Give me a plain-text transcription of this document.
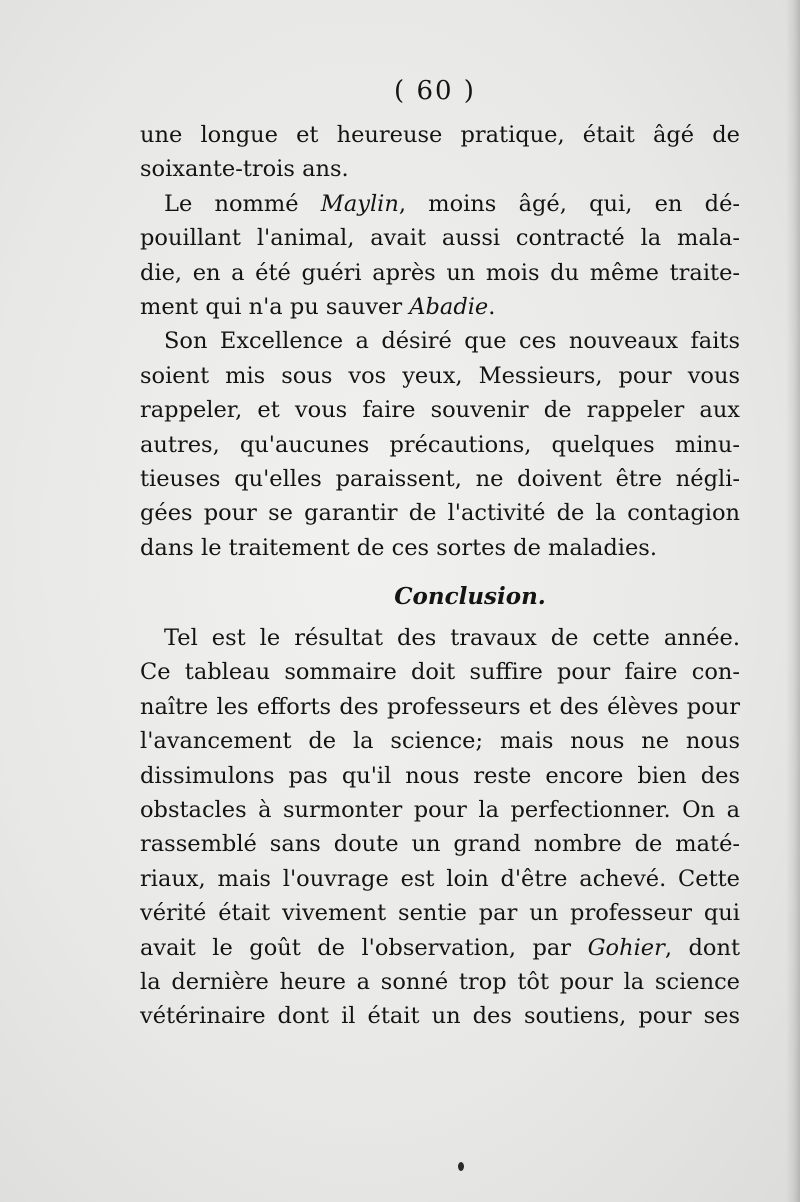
( 60 )
une longue et heureuse pratique, était âgé de
soixante-trois ans.
Le nommé Maylin, moins âgé, qui, en dé-
pouillant l'animal, avait aussi contracté la mala-
die, en a été guéri après un mois du même traite-
ment qui n'a pu sauver Abadie.
Son Excellence a désiré que ces nouveaux faits
soient mis sous vos yeux, Messieurs, pour vous
rappeler, et vous faire souvenir de rappeler aux
autres, qu'aucunes précautions, quelques minu-
tieuses qu'elles paraissent, ne doivent être négli-
gées pour se garantir de l'activité de la contagion
dans le traitement de ces sortes de maladies.
Conclusion.
Tel est le résultat des travaux de cette année.
Ce tableau sommaire doit suffire pour faire con-
naître les efforts des professeurs et des élèves pour
l'avancement de la science; mais nous ne nous
dissimulons pas qu'il nous reste encore bien des
obstacles à surmonter pour la perfectionner. On a
rassemblé sans doute un grand nombre de maté-
riaux, mais l'ouvrage est loin d'être achevé. Cette
vérité était vivement sentie par un professeur qui
avait le goût de l'observation, par Gohier, dont
la dernière heure a sonné trop tôt pour la science
vétérinaire dont il était un des soutiens, pour ses
